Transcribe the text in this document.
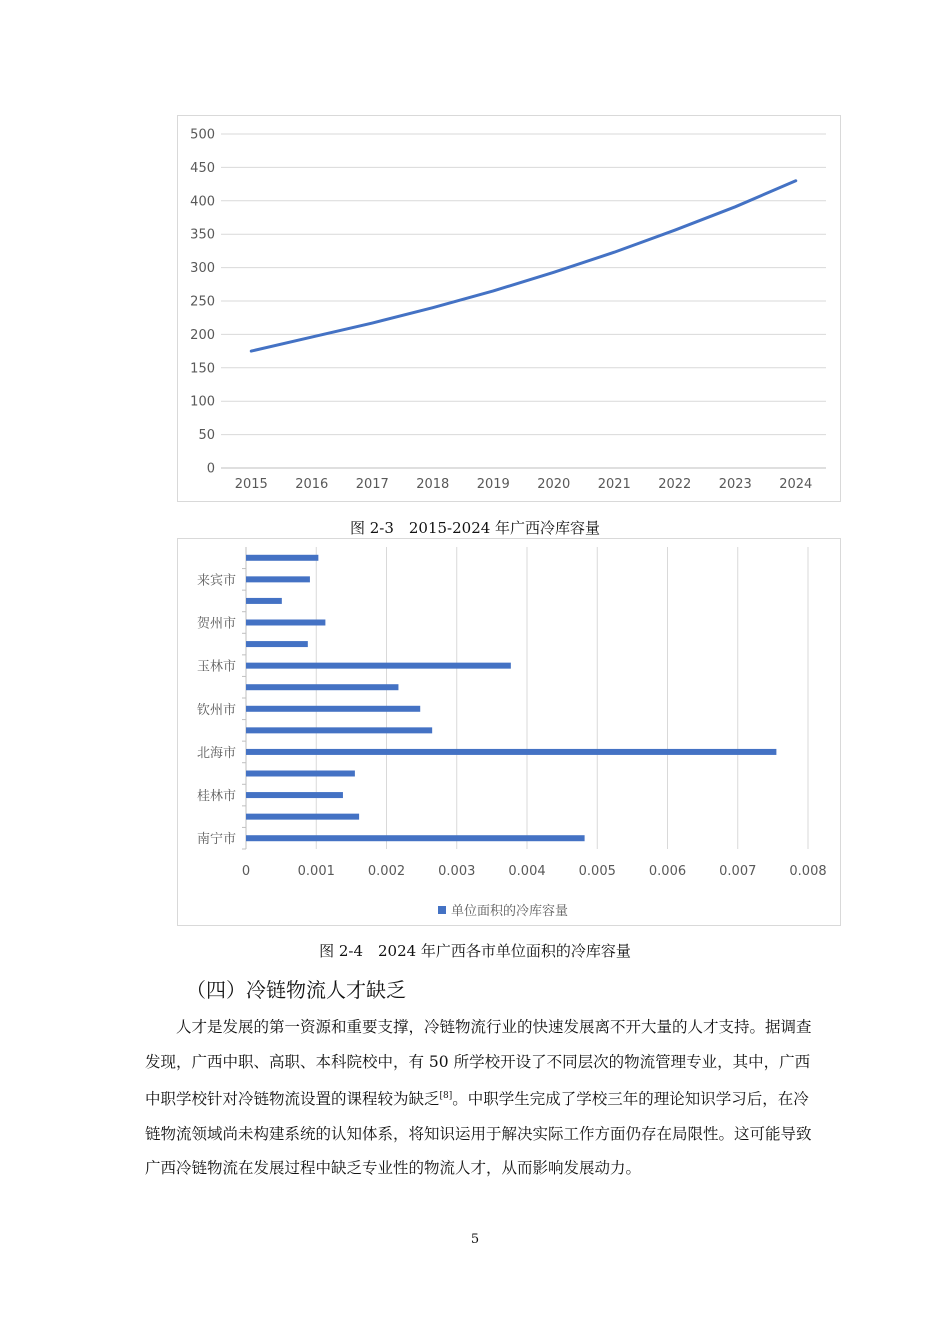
0
50
100
150
200
250
300
350
400
450
500
2015 2016 2017 2018 2019 2020 2021 2022 2023 2024
图 2-3　2015-2024 年广西冷库容量
0	0.001	0.002	0.003	0.004	0.005	0.006	0.007	0.008
南宁市
桂林市
北海市
钦州市
玉林市
贺州市
来宾市
单位面积的冷库容量
图 2-4　2024 年广西各市单位面积的冷库容量
（四）冷链物流人才缺乏

人才是发展的第一资源和重要支撑，冷链物流行业的快速发展离不开大量的人才支持。据调查发现，广西中职、高职、本科院校中，有 50 所学校开设了不同层次的物流管理专业，其中，广西中职学校针对冷链物流设置的课程较为缺乏[8]。中职学生完成了学校三年的理论知识学习后，在冷链物流领域尚未构建系统的认知体系，将知识运用于解决实际工作方面仍存在局限性。这可能导致广西冷链物流在发展过程中缺乏专业性的物流人才，从而影响发展动力。

5
